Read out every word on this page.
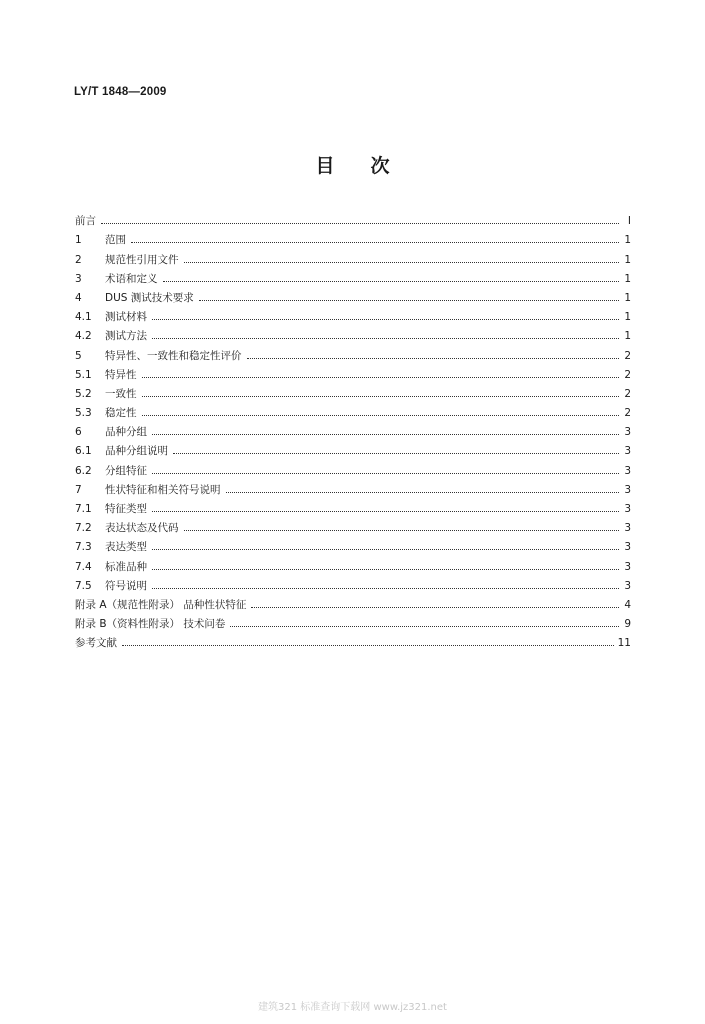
LY/T 1848—2009
目 次
前言	Ⅰ
1	范围	1
2	规范性引用文件	1
3	术语和定义	1
4	DUS 测试技术要求	1
4.1	测试材料	1
4.2	测试方法	1
5	特异性、一致性和稳定性评价	2
5.1	特异性	2
5.2	一致性	2
5.3	稳定性	2
6	品种分组	3
6.1	品种分组说明	3
6.2	分组特征	3
7	性状特征和相关符号说明	3
7.1	特征类型	3
7.2	表达状态及代码	3
7.3	表达类型	3
7.4	标准品种	3
7.5	符号说明	3
附录 A（规范性附录） 品种性状特征	4
附录 B（资料性附录） 技术问卷	9
参考文献	11
建筑321 标准查询下载网 www.jz321.net
